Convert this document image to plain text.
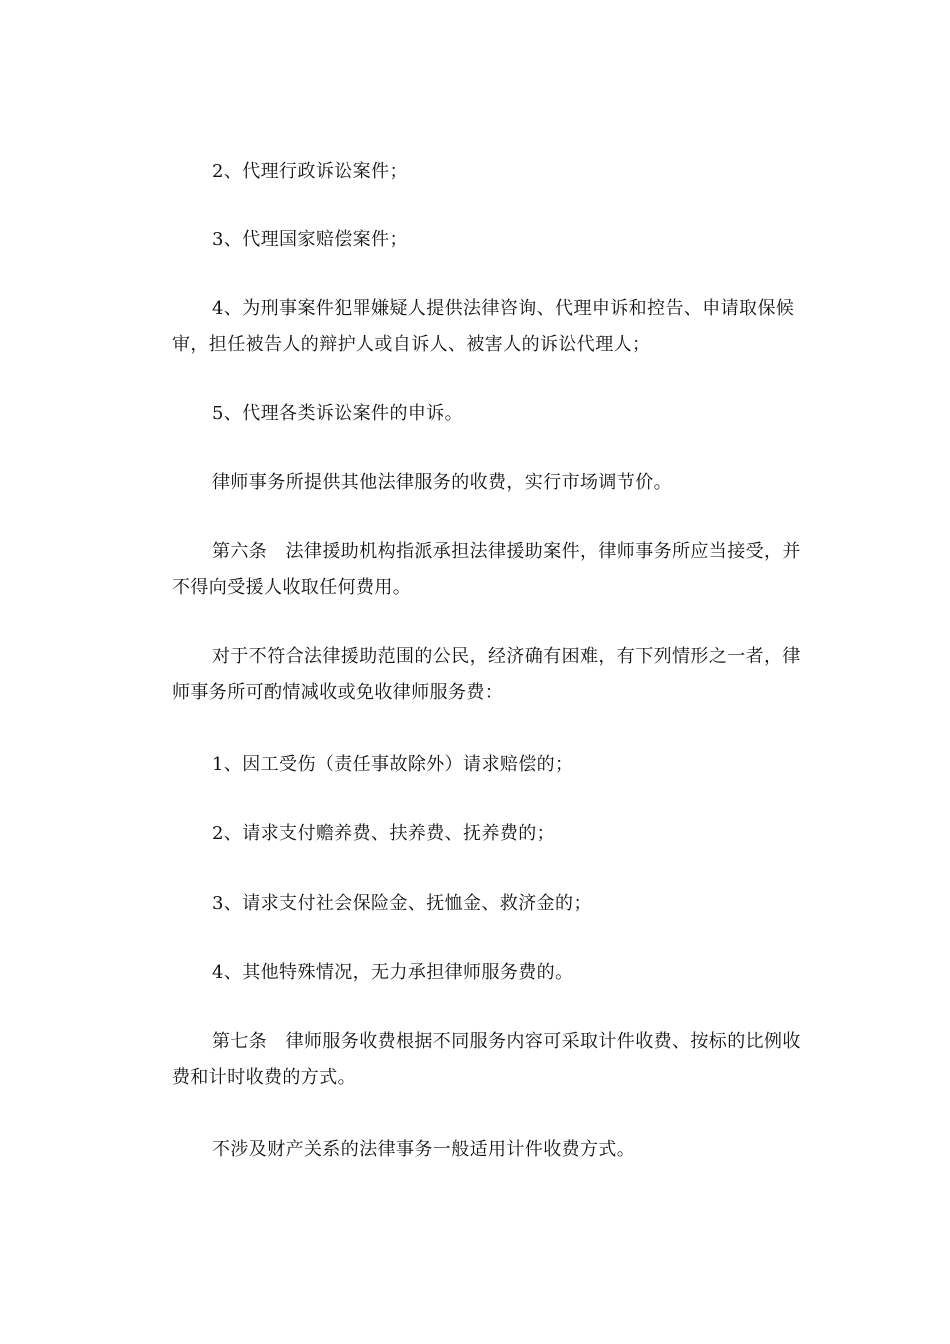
2、代理行政诉讼案件；

3、代理国家赔偿案件；

4、为刑事案件犯罪嫌疑人提供法律咨询、代理申诉和控告、申请取保候审，担任被告人的辩护人或自诉人、被害人的诉讼代理人；

5、代理各类诉讼案件的申诉。

律师事务所提供其他法律服务的收费，实行市场调节价。

第六条　法律援助机构指派承担法律援助案件，律师事务所应当接受，并不得向受援人收取任何费用。

对于不符合法律援助范围的公民，经济确有困难，有下列情形之一者，律师事务所可酌情减收或免收律师服务费：

1、因工受伤（责任事故除外）请求赔偿的；

2、请求支付赡养费、扶养费、抚养费的；

3、请求支付社会保险金、抚恤金、救济金的；

4、其他特殊情况，无力承担律师服务费的。

第七条　律师服务收费根据不同服务内容可采取计件收费、按标的比例收费和计时收费的方式。

不涉及财产关系的法律事务一般适用计件收费方式。
